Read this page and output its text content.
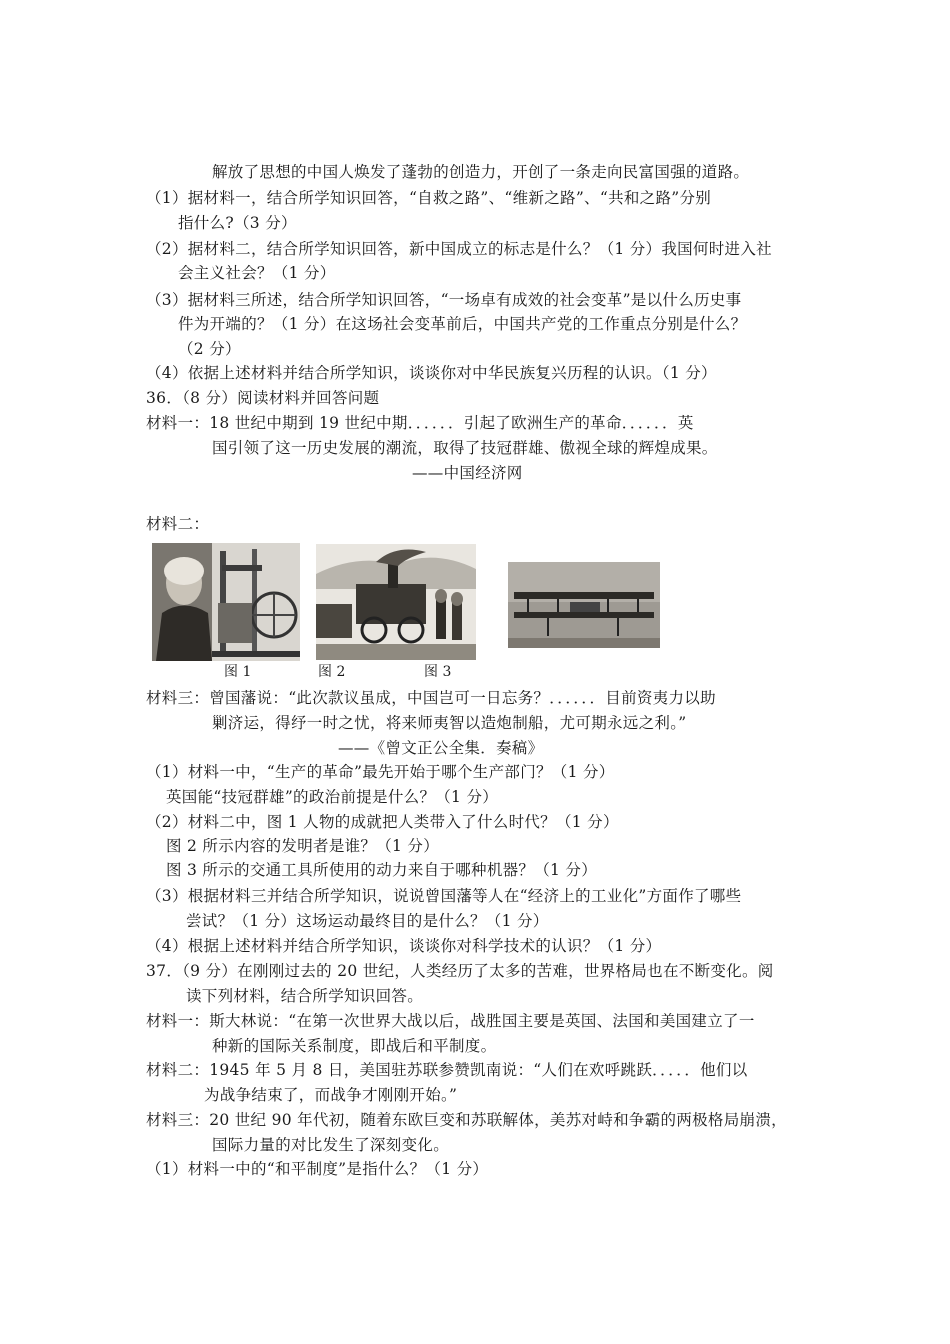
解放了思想的中国人焕发了蓬勃的创造力，开创了一条走向民富国强的道路。
（1）据材料一，结合所学知识回答，“自救之路”、“维新之路”、“共和之路”分别
指什么?（3 分）
（2）据材料二，结合所学知识回答，新中国成立的标志是什么？（1 分）我国何时进入社
会主义社会？（1 分）
（3）据材料三所述，结合所学知识回答，“一场卓有成效的社会变革”是以什么历史事
件为开端的？（1 分）在这场社会变革前后，中国共产党的工作重点分别是什么？
（2 分）
（4）依据上述材料并结合所学知识，谈谈你对中华民族复兴历程的认识。（1 分）
36．（8 分）阅读材料并回答问题
材料一：18 世纪中期到 19 世纪中期．．．．．．引起了欧洲生产的革命．．．．．．英
国引领了这一历史发展的潮流，取得了技冠群雄、傲视全球的辉煌成果。
——中国经济网
材料二：
图 1	图 2	图 3
材料三：曾国藩说：“此次款议虽成，中国岂可一日忘务？．．．．．．目前资夷力以助
剿济运，得纾一时之忧，将来师夷智以造炮制船，尤可期永远之利。”
——《曾文正公全集．奏稿》
（1）材料一中，“生产的革命”最先开始于哪个生产部门？（1 分）
英国能“技冠群雄”的政治前提是什么？（1 分）
（2）材料二中，图 1 人物的成就把人类带入了什么时代？（1 分）
图 2 所示内容的发明者是谁？（1 分）
图 3 所示的交通工具所使用的动力来自于哪种机器？（1 分）
（3）根据材料三并结合所学知识，说说曾国藩等人在“经济上的工业化”方面作了哪些
尝试？（1 分）这场运动最终目的是什么？（1 分）
（4）根据上述材料并结合所学知识，谈谈你对科学技术的认识？（1 分）
37．（9 分）在刚刚过去的 20 世纪，人类经历了太多的苦难，世界格局也在不断变化。阅
读下列材料，结合所学知识回答。
材料一：斯大林说：“在第一次世界大战以后，战胜国主要是英国、法国和美国建立了一
种新的国际关系制度，即战后和平制度。
材料二：1945 年 5 月 8 日，美国驻苏联参赞凯南说：“人们在欢呼跳跃．．．．．他们以
为战争结束了，而战争才刚刚开始。”
材料三：20 世纪 90 年代初，随着东欧巨变和苏联解体，美苏对峙和争霸的两极格局崩溃，
国际力量的对比发生了深刻变化。
（1）材料一中的“和平制度”是指什么？（1 分）
